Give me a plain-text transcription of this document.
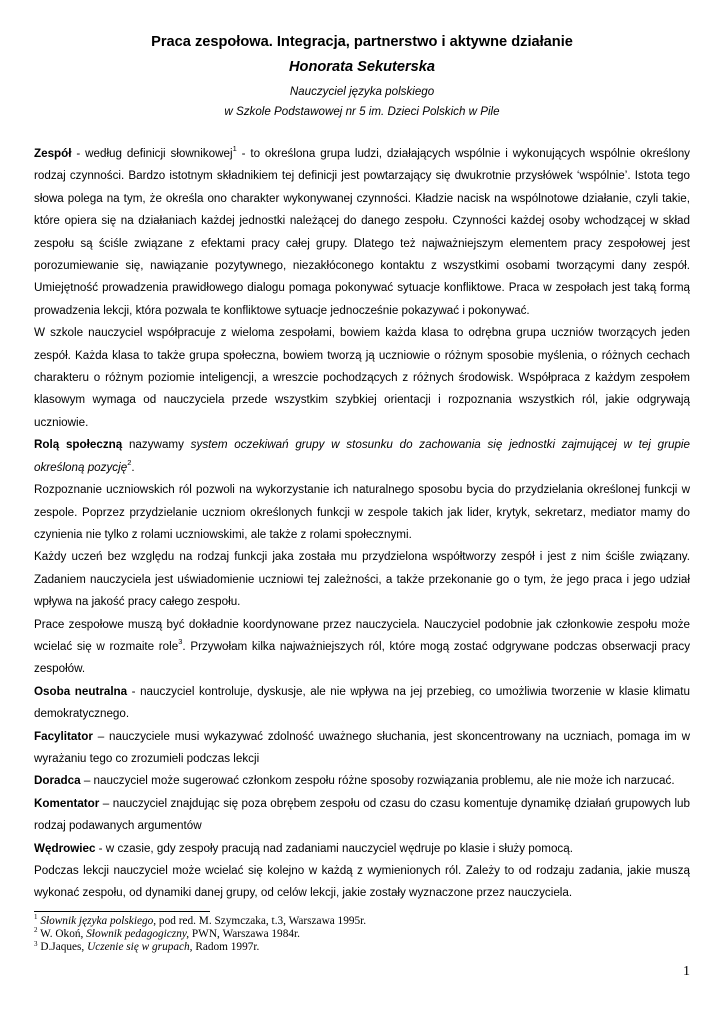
Praca zespołowa. Integracja, partnerstwo i aktywne działanie
Honorata Sekuterska
Nauczyciel języka polskiego
w Szkole Podstawowej nr 5 im. Dzieci Polskich w Pile

Zespół - według definicji słownikowej$^1$ - to określona grupa ludzi, działających wspólnie i wykonujących wspólnie określony rodzaj czynności. Bardzo istotnym składnikiem tej definicji jest powtarzający się dwukrotnie przysłówek ‘wspólnie’. Istota tego słowa polega na tym, że określa ono charakter wykonywanej czynności. Kładzie nacisk na wspólnotowe działanie, czyli takie, które opiera się na działaniach każdej jednostki należącej do danego zespołu. Czynności każdej osoby wchodzącej w skład zespołu są ściśle związane z efektami pracy całej grupy. Dlatego też najważniejszym elementem pracy zespołowej jest porozumiewanie się, nawiązanie pozytywnego, niezakłóconego kontaktu z wszystkimi osobami tworzącymi dany zespół. Umiejętność prowadzenia prawidłowego dialogu pomaga pokonywać sytuacje konfliktowe. Praca w zespołach jest taką formą prowadzenia lekcji, która pozwala te konfliktowe sytuacje jednocześnie pokazywać i pokonywać.

W szkole nauczyciel współpracuje z wieloma zespołami, bowiem każda klasa to odrębna grupa uczniów tworzących jeden zespół. Każda klasa to także grupa społeczna, bowiem tworzą ją uczniowie o różnym sposobie myślenia, o różnych cechach charakteru o różnym poziomie inteligencji, a wreszcie pochodzących z różnych środowisk. Współpraca z każdym zespołem klasowym wymaga od nauczyciela przede wszystkim szybkiej orientacji i rozpoznania wszystkich ról, jakie odgrywają uczniowie.

Rolą społeczną nazywamy system oczekiwań grupy w stosunku do zachowania się jednostki zajmującej w tej grupie określoną pozycję$^2$.

Rozpoznanie uczniowskich ról pozwoli na wykorzystanie ich naturalnego sposobu bycia do przydzielania określonej funkcji w zespole. Poprzez przydzielanie uczniom określonych funkcji w zespole takich jak lider, krytyk, sekretarz, mediator mamy do czynienia nie tylko z rolami uczniowskimi, ale także z rolami społecznymi.

Każdy uczeń bez względu na rodzaj funkcji jaka została mu przydzielona współtworzy zespół i jest z nim ściśle związany. Zadaniem nauczyciela jest uświadomienie uczniowi tej zależności, a także przekonanie go o tym, że jego praca i jego udział wpływa na jakość pracy całego zespołu.

Prace zespołowe muszą być dokładnie koordynowane przez nauczyciela. Nauczyciel podobnie jak członkowie zespołu może wcielać się w rozmaite role$^3$. Przywołam kilka najważniejszych ról, które mogą zostać odgrywane podczas obserwacji pracy zespołów.

Osoba neutralna - nauczyciel kontroluje, dyskusje, ale nie wpływa na jej przebieg, co umożliwia tworzenie w klasie klimatu demokratycznego.

Facylitator – nauczyciele musi wykazywać zdolność uważnego słuchania, jest skoncentrowany na uczniach, pomaga im w wyrażaniu tego co zrozumieli podczas lekcji

Doradca – nauczyciel może sugerować członkom zespołu różne sposoby rozwiązania problemu, ale nie może ich narzucać.

Komentator – nauczyciel znajdując się poza obrębem zespołu od czasu do czasu komentuje dynamikę działań grupowych lub rodzaj podawanych argumentów

Wędrowiec - w czasie, gdy zespoły pracują nad zadaniami nauczyciel wędruje po klasie i służy pomocą.

Podczas lekcji nauczyciel może wcielać się kolejno w każdą z wymienionych ról. Zależy to od rodzaju zadania, jakie muszą wykonać zespołu, od dynamiki danej grupy, od celów lekcji, jakie zostały wyznaczone przez nauczyciela.

$^1$ Słownik języka polskiego, pod red. M. Szymczaka, t.3, Warszawa 1995r.
$^2$ W. Okoń, Słownik pedagogiczny, PWN, Warszawa 1984r.
$^3$ D.Jaques, Uczenie się w grupach, Radom 1997r.
1
